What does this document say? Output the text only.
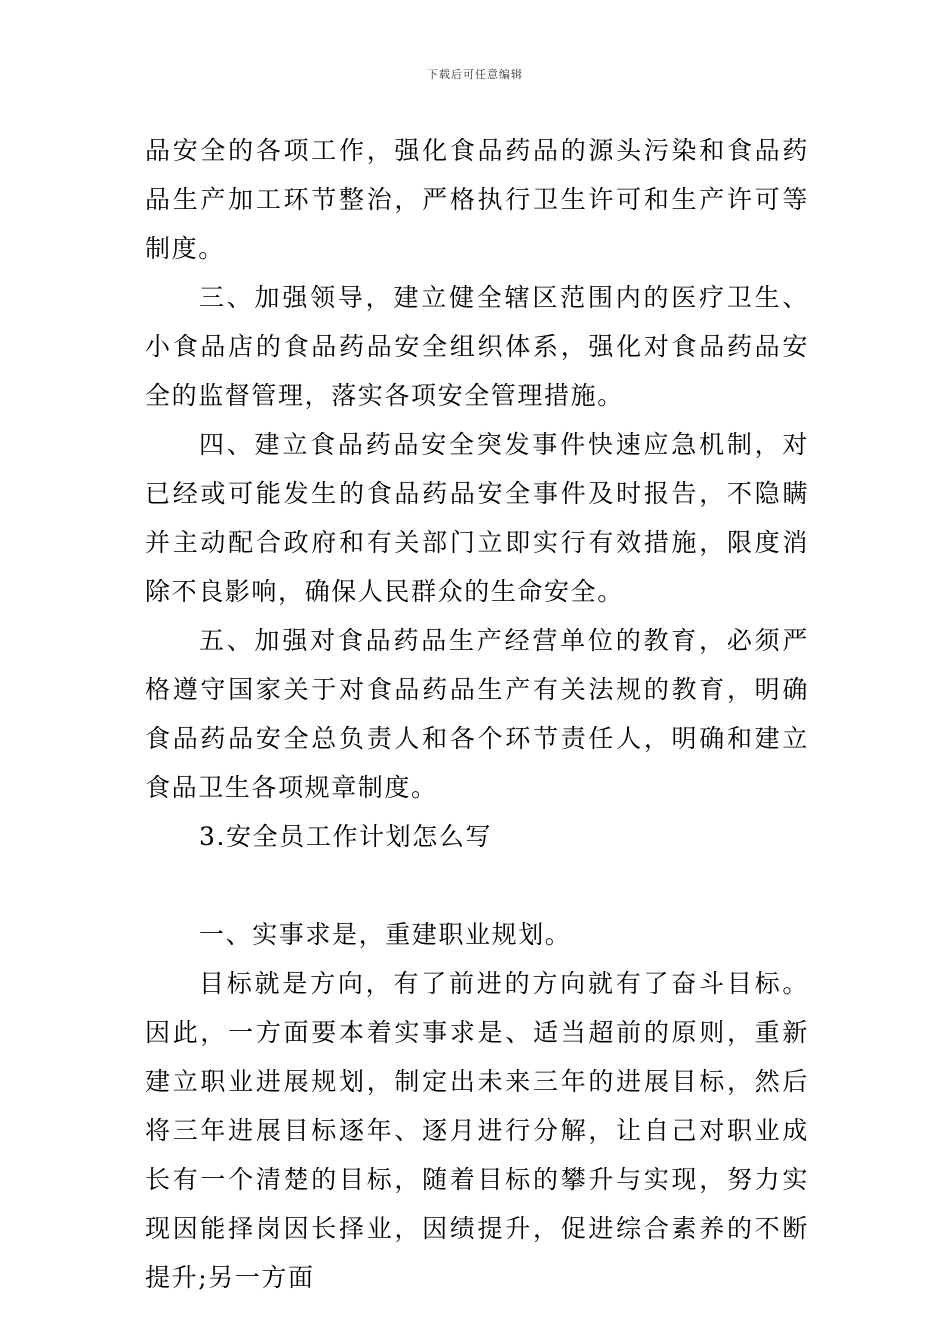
下载后可任意编辑

品安全的各项工作，强化食品药品的源头污染和食品药品生产加工环节整治，严格执行卫生许可和生产许可等制度。

三、加强领导，建立健全辖区范围内的医疗卫生、小食品店的食品药品安全组织体系，强化对食品药品安全的监督管理，落实各项安全管理措施。

四、建立食品药品安全突发事件快速应急机制，对已经或可能发生的食品药品安全事件及时报告，不隐瞒并主动配合政府和有关部门立即实行有效措施，限度消除不良影响，确保人民群众的生命安全。

五、加强对食品药品生产经营单位的教育，必须严格遵守国家关于对食品药品生产有关法规的教育，明确食品药品安全总负责人和各个环节责任人，明确和建立食品卫生各项规章制度。

3.安全员工作计划怎么写

一、实事求是，重建职业规划。

目标就是方向，有了前进的方向就有了奋斗目标。因此，一方面要本着实事求是、适当超前的原则，重新建立职业进展规划，制定出未来三年的进展目标，然后将三年进展目标逐年、逐月进行分解，让自己对职业成长有一个清楚的目标，随着目标的攀升与实现，努力实现因能择岗因长择业，因绩提升，促进综合素养的不断提升;另一方面
